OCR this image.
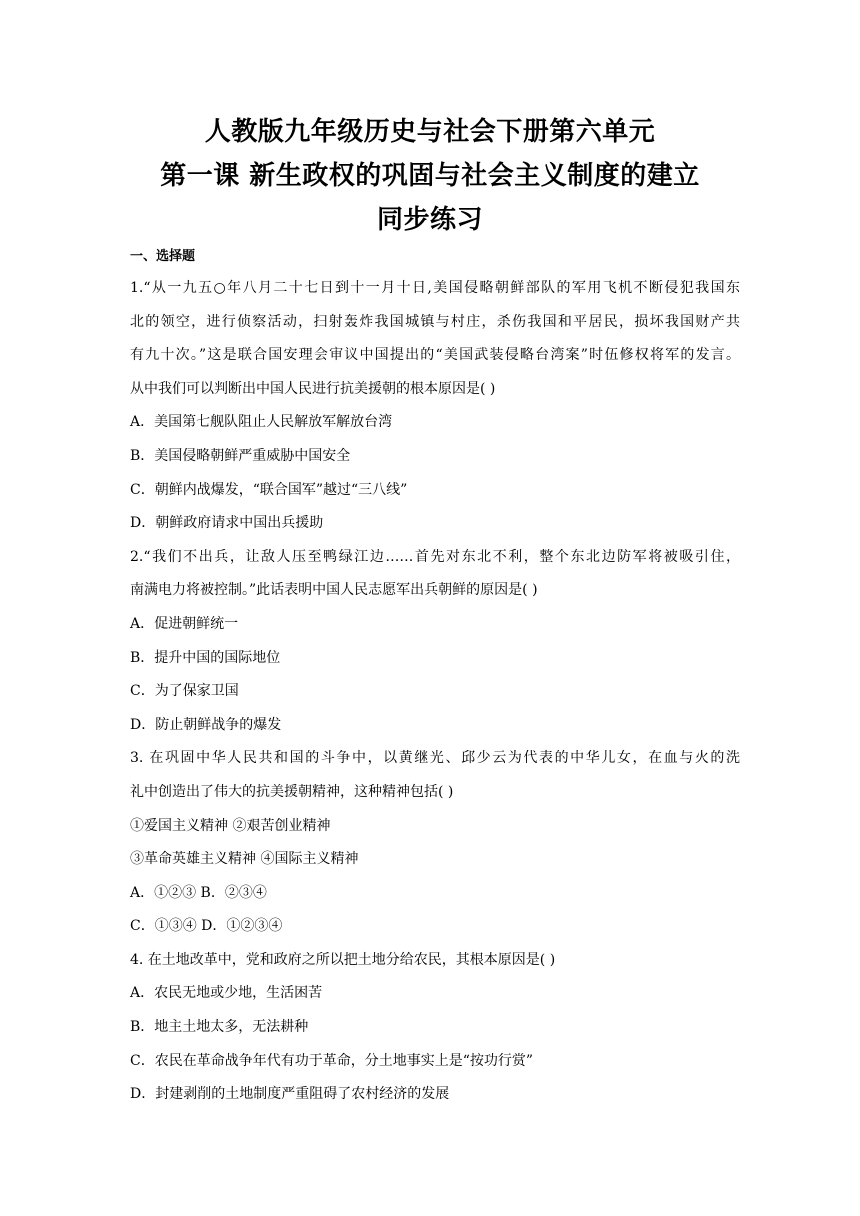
人教版九年级历史与社会下册第六单元
第一课 新生政权的巩固与社会主义制度的建立
同步练习
一、选择题
1.“从一九五○年八月二十七日到十一月十日,美国侵略朝鲜部队的军用飞机不断侵犯我国东
北的领空，进行侦察活动，扫射轰炸我国城镇与村庄，杀伤我国和平居民，损坏我国财产共
有九十次。”这是联合国安理会审议中国提出的“美国武装侵略台湾案”时伍修权将军的发言。
从中我们可以判断出中国人民进行抗美援朝的根本原因是( )
A．美国第七舰队阻止人民解放军解放台湾
B．美国侵略朝鲜严重威胁中国安全
C．朝鲜内战爆发，“联合国军”越过“三八线”
D．朝鲜政府请求中国出兵援助
2.“我们不出兵，让敌人压至鸭绿江边……首先对东北不利，整个东北边防军将被吸引住，
南满电力将被控制。”此话表明中国人民志愿军出兵朝鲜的原因是( )
A．促进朝鲜统一
B．提升中国的国际地位
C．为了保家卫国
D．防止朝鲜战争的爆发
3. 在巩固中华人民共和国的斗争中，以黄继光、邱少云为代表的中华儿女，在血与火的洗
礼中创造出了伟大的抗美援朝精神，这种精神包括( )
①爱国主义精神 ②艰苦创业精神
③革命英雄主义精神 ④国际主义精神
A．①②③ B．②③④
C．①③④ D．①②③④
4. 在土地改革中，党和政府之所以把土地分给农民，其根本原因是( )
A．农民无地或少地，生活困苦
B．地主土地太多，无法耕种
C．农民在革命战争年代有功于革命，分土地事实上是“按功行赏”
D．封建剥削的土地制度严重阻碍了农村经济的发展
